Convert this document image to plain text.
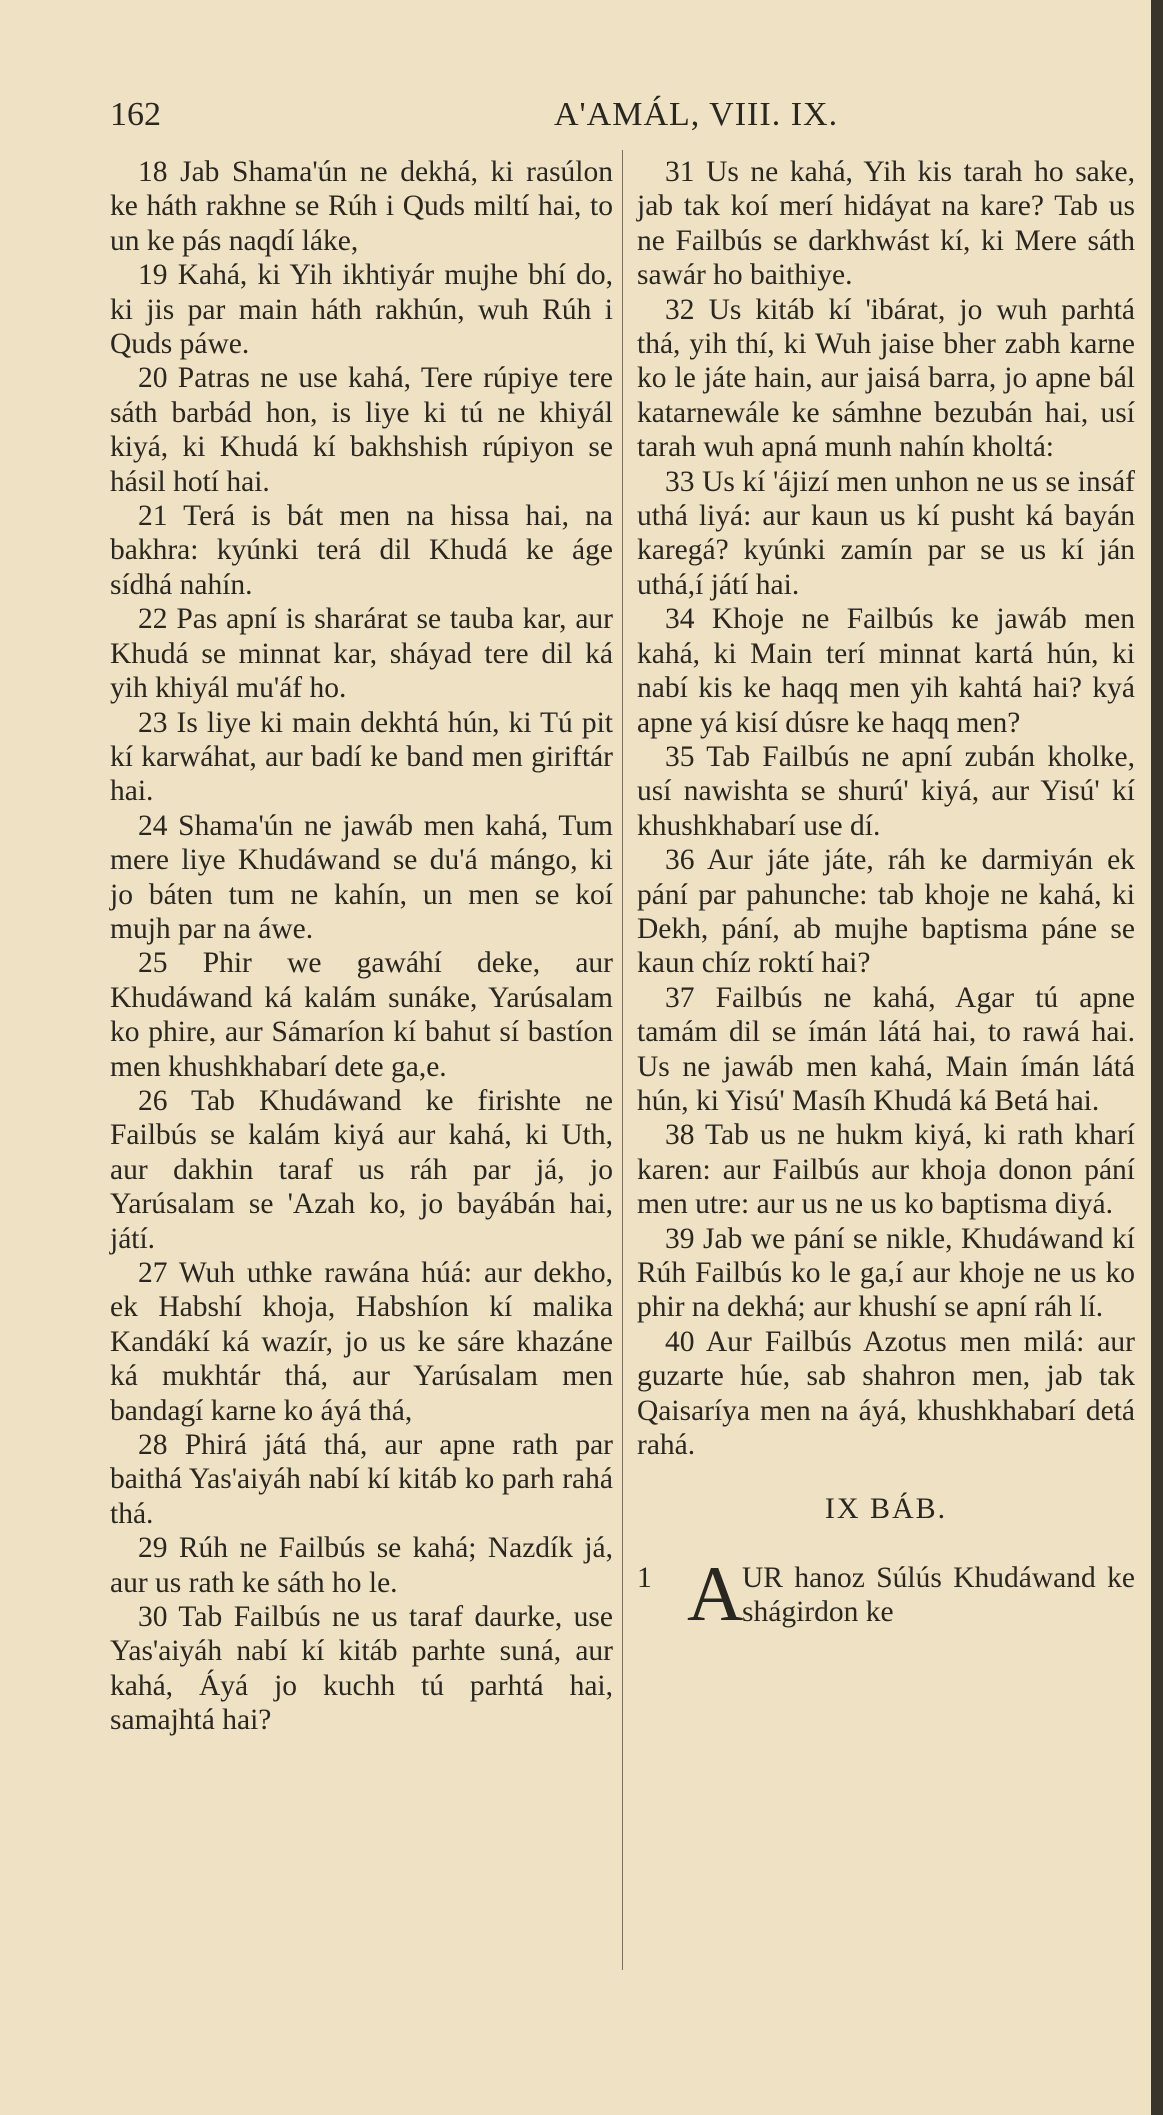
162	A'AMÁL, VIII. IX.

18 Jab Shama'ún ne dekhá, ki rasúlon ke háth rakhne se Rúh i Quds miltí hai, to un ke pás naqdí láke,

19 Kahá, ki Yih ikhtiyár mujhe bhí do, ki jis par main háth rakhún, wuh Rúh i Quds páwe.

20 Patras ne use kahá, Tere rúpiye tere sáth barbád hon, is liye ki tú ne khiyál kiyá, ki Khudá kí bakhshish rúpiyon se hásil hotí hai.

21 Terá is bát men na hissa hai, na bakhra: kyúnki terá dil Khudá ke áge sídhá nahín.

22 Pas apní is sharárat se tauba kar, aur Khudá se minnat kar, sháyad tere dil ká yih khiyál mu'áf ho.

23 Is liye ki main dekhtá hún, ki Tú pit kí karwáhat, aur badí ke band men giriftár hai.

24 Shama'ún ne jawáb men kahá, Tum mere liye Khudáwand se du'á mángo, ki jo báten tum ne kahín, un men se koí mujh par na áwe.

25 Phir we gawáhí deke, aur Khudáwand ká kalám sunáke, Yarúsalam ko phire, aur Sámaríon kí bahut sí bastíon men khushkhabarí dete ga,e.

26 Tab Khudáwand ke firishte ne Failbús se kalám kiyá aur kahá, ki Uth, aur dakhin taraf us ráh par já, jo Yarúsalam se 'Azah ko, jo bayábán hai, játí.

27 Wuh uthke rawána húá: aur dekho, ek Habshí khoja, Habshíon kí malika Kandákí ká wazír, jo us ke sáre khazáne ká mukhtár thá, aur Yarúsalam men bandagí karne ko áyá thá,

28 Phirá játá thá, aur apne rath par baithá Yas'aiyáh nabí kí kitáb ko parh rahá thá.

29 Rúh ne Failbús se kahá; Nazdík já, aur us rath ke sáth ho le.

30 Tab Failbús ne us taraf daurke, use Yas'aiyáh nabí kí kitáb parhte suná, aur kahá, Áyá jo kuchh tú parhtá hai, samajhtá hai?

31 Us ne kahá, Yih kis tarah ho sake, jab tak koí merí hidáyat na kare? Tab us ne Failbús se darkhwást kí, ki Mere sáth sawár ho baithiye.

32 Us kitáb kí 'ibárat, jo wuh parhtá thá, yih thí, ki Wuh jaise bher zabh karne ko le játe hain, aur jaisá barra, jo apne bál katarnewále ke sámhne bezubán hai, usí tarah wuh apná munh nahín kholtá:

33 Us kí 'ájizí men unhon ne us se insáf uthá liyá: aur kaun us kí pusht ká bayán karegá? kyúnki zamín par se us kí ján uthá,í játí hai.

34 Khoje ne Failbús ke jawáb men kahá, ki Main terí minnat kartá hún, ki nabí kis ke haqq men yih kahtá hai? kyá apne yá kisí dúsre ke haqq men?

35 Tab Failbús ne apní zubán kholke, usí nawishta se shurú' kiyá, aur Yisú' kí khushkhabarí use dí.

36 Aur játe játe, ráh ke darmiyán ek pání par pahunche: tab khoje ne kahá, ki Dekh, pání, ab mujhe baptisma páne se kaun chíz roktí hai?

37 Failbús ne kahá, Agar tú apne tamám dil se ímán látá hai, to rawá hai. Us ne jawáb men kahá, Main ímán látá hún, ki Yisú' Masíh Khudá ká Betá hai.

38 Tab us ne hukm kiyá, ki rath kharí karen: aur Failbús aur khoja donon pání men utre: aur us ne us ko baptisma diyá.

39 Jab we pání se nikle, Khudáwand kí Rúh Failbús ko le ga,í aur khoje ne us ko phir na dekhá; aur khushí se apní ráh lí.

40 Aur Failbús Azotus men milá: aur guzarte húe, sab shahron men, jab tak Qaisaríya men na áyá, khushkhabarí detá rahá.

IX BÁB.
1 A
UR hanoz Súlús Khudáwand ke shágirdon ke
